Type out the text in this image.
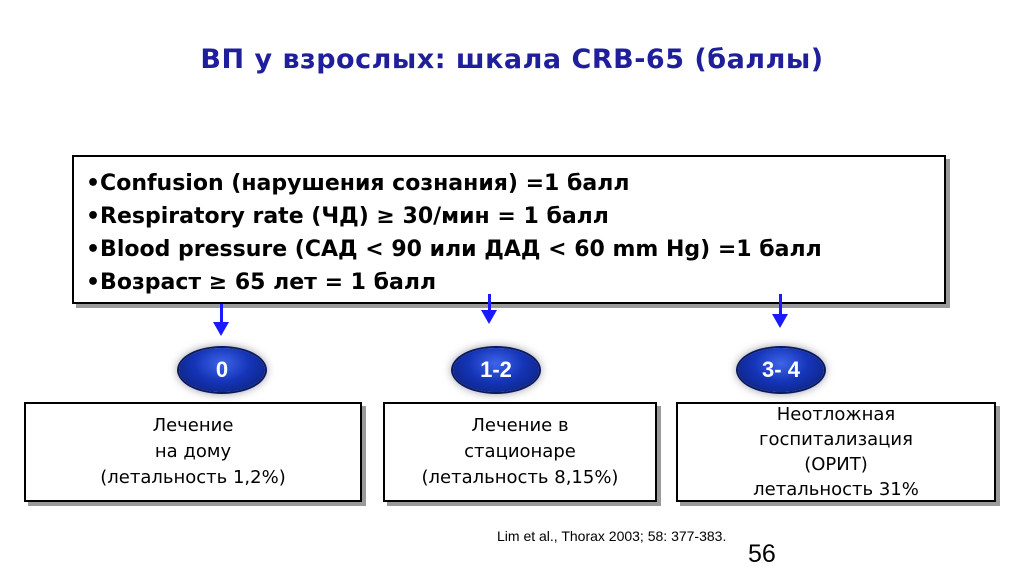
ВП у взрослых: шкала CRB-65 (баллы)
•Confusion (нарушения сознания) =1 балл
•Respiratory rate (ЧД) ≥ 30/мин = 1 балл
•Blood pressure (САД < 90 или ДАД < 60 mm Hg) =1 балл
•Возраст ≥ 65 лет = 1 балл
0	1-2	3- 4
Лечение
на дому
(летальность 1,2%)
Лечение в
стационаре
(летальность 8,15%)
Неотложная
госпитализация
(ОРИТ)
летальность 31%
Lim et al., Thorax 2003; 58: 377-383.
56
